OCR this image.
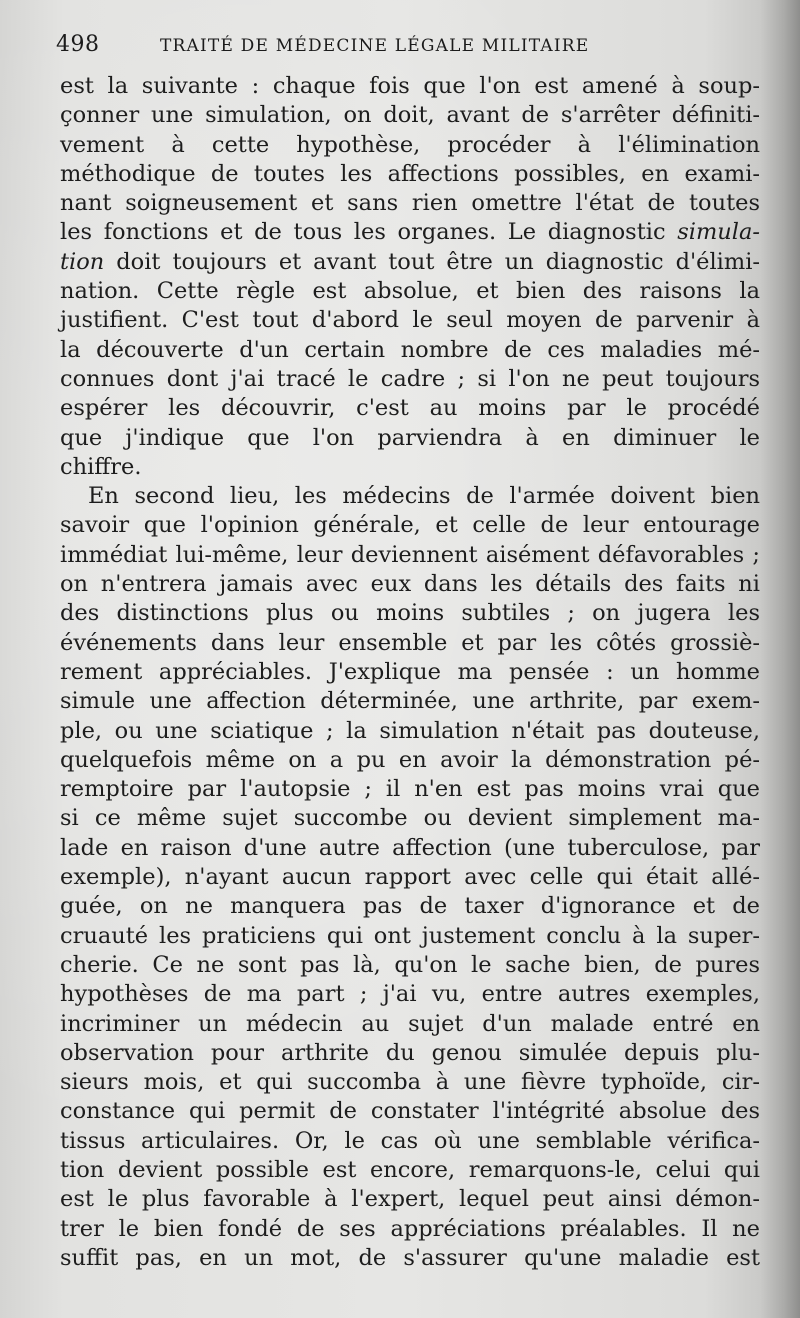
498	TRAITÉ DE MÉDECINE LÉGALE MILITAIRE
est la suivante : chaque fois que l'on est amené à soup-
çonner une simulation, on doit, avant de s'arrêter définiti-
vement à cette hypothèse, procéder à l'élimination
méthodique de toutes les affections possibles, en exami-
nant soigneusement et sans rien omettre l'état de toutes
les fonctions et de tous les organes. Le diagnostic simula-
tion doit toujours et avant tout être un diagnostic d'élimi-
nation. Cette règle est absolue, et bien des raisons la
justifient. C'est tout d'abord le seul moyen de parvenir à
la découverte d'un certain nombre de ces maladies mé-
connues dont j'ai tracé le cadre ; si l'on ne peut toujours
espérer les découvrir, c'est au moins par le procédé
que j'indique que l'on parviendra à en diminuer le
chiffre.
En second lieu, les médecins de l'armée doivent bien
savoir que l'opinion générale, et celle de leur entourage
immédiat lui-même, leur deviennent aisément défavorables ;
on n'entrera jamais avec eux dans les détails des faits ni
des distinctions plus ou moins subtiles ; on jugera les
événements dans leur ensemble et par les côtés grossiè-
rement appréciables. J'explique ma pensée : un homme
simule une affection déterminée, une arthrite, par exem-
ple, ou une sciatique ; la simulation n'était pas douteuse,
quelquefois même on a pu en avoir la démonstration pé-
remptoire par l'autopsie ; il n'en est pas moins vrai que
si ce même sujet succombe ou devient simplement ma-
lade en raison d'une autre affection (une tuberculose, par
exemple), n'ayant aucun rapport avec celle qui était allé-
guée, on ne manquera pas de taxer d'ignorance et de
cruauté les praticiens qui ont justement conclu à la super-
cherie. Ce ne sont pas là, qu'on le sache bien, de pures
hypothèses de ma part ; j'ai vu, entre autres exemples,
incriminer un médecin au sujet d'un malade entré en
observation pour arthrite du genou simulée depuis plu-
sieurs mois, et qui succomba à une fièvre typhoïde, cir-
constance qui permit de constater l'intégrité absolue des
tissus articulaires. Or, le cas où une semblable vérifica-
tion devient possible est encore, remarquons-le, celui qui
est le plus favorable à l'expert, lequel peut ainsi démon-
trer le bien fondé de ses appréciations préalables. Il ne
suffit pas, en un mot, de s'assurer qu'une maladie est
